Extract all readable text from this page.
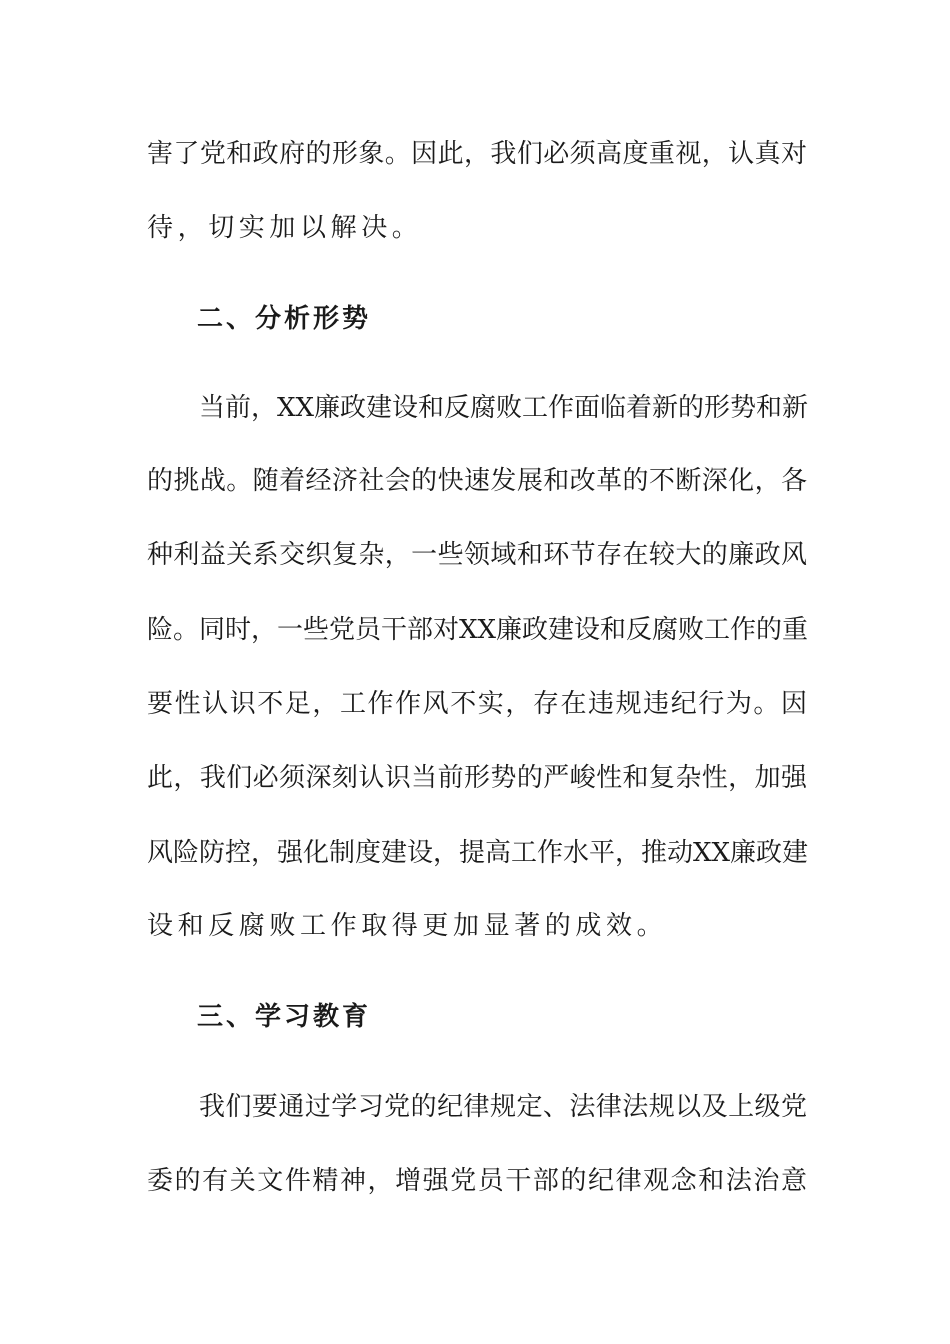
害了党和政府的形象。因此，我们必须高度重视，认真对
待，切实加以解决。
二、分析形势
当前，XX廉政建设和反腐败工作面临着新的形势和新
的挑战。随着经济社会的快速发展和改革的不断深化，各
种利益关系交织复杂，一些领域和环节存在较大的廉政风
险。同时，一些党员干部对XX廉政建设和反腐败工作的重
要性认识不足，工作作风不实，存在违规违纪行为。因
此，我们必须深刻认识当前形势的严峻性和复杂性，加强
风险防控，强化制度建设，提高工作水平，推动XX廉政建
设和反腐败工作取得更加显著的成效。
三、学习教育
我们要通过学习党的纪律规定、法律法规以及上级党
委的有关文件精神，增强党员干部的纪律观念和法治意
